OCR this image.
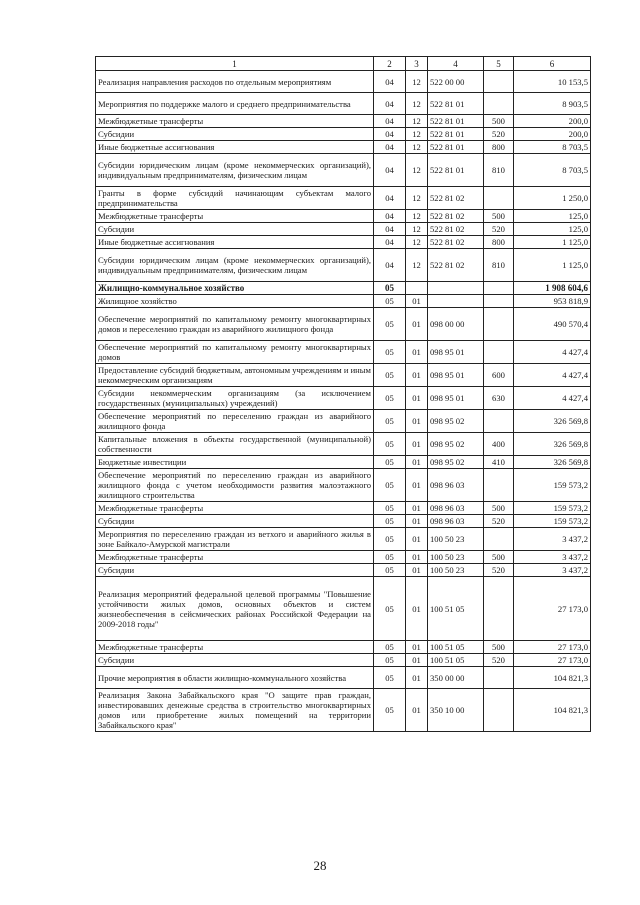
1	2	3	4	5	6
Реализация направления расходов по отдельным мероприятиям	04	12	522 00 00		10 153,5
Мероприятия по поддержке малого и среднего предпринимательства	04	12	522 81 01		8 903,5
Межбюджетные трансферты	04	12	522 81 01	500	200,0
Субсидии	04	12	522 81 01	520	200,0
Иные бюджетные ассигнования	04	12	522 81 01	800	8 703,5
Субсидии юридическим лицам (кроме некоммерческих организаций), индивидуальным предпринимателям, физическим лицам	04	12	522 81 01	810	8 703,5
Гранты в форме субсидий начинающим субъектам малого предпринимательства	04	12	522 81 02		1 250,0
Межбюджетные трансферты	04	12	522 81 02	500	125,0
Субсидии	04	12	522 81 02	520	125,0
Иные бюджетные ассигнования	04	12	522 81 02	800	1 125,0
Субсидии юридическим лицам (кроме некоммерческих организаций), индивидуальным предпринимателям, физическим лицам	04	12	522 81 02	810	1 125,0
Жилищно-коммунальное хозяйство	05				1 908 604,6
Жилищное хозяйство	05	01			953 818,9
Обеспечение мероприятий по капитальному ремонту многоквартирных домов и переселению граждан из аварийного жилищного фонда	05	01	098 00 00		490 570,4
Обеспечение мероприятий по капитальному ремонту многоквартирных домов	05	01	098 95 01		4 427,4
Предоставление субсидий бюджетным, автономным учреждениям и иным некоммерческим организациям	05	01	098 95 01	600	4 427,4
Субсидии некоммерческим организациям (за исключением государственных (муниципальных) учреждений)	05	01	098 95 01	630	4 427,4
Обеспечение мероприятий по переселению граждан из аварийного жилищного фонда	05	01	098 95 02		326 569,8
Капитальные вложения в объекты государственной (муниципальной) собственности	05	01	098 95 02	400	326 569,8
Бюджетные инвестиции	05	01	098 95 02	410	326 569,8
Обеспечение мероприятий по переселению граждан из аварийного жилищного фонда с учетом необходимости развития малоэтажного жилищного строительства	05	01	098 96 03		159 573,2
Межбюджетные трансферты	05	01	098 96 03	500	159 573,2
Субсидии	05	01	098 96 03	520	159 573,2
Мероприятия по переселению граждан из ветхого и аварийного жилья в зоне Байкало-Амурской магистрали	05	01	100 50 23		3 437,2
Межбюджетные трансферты	05	01	100 50 23	500	3 437,2
Субсидии	05	01	100 50 23	520	3 437,2
Реализация мероприятий федеральной целевой программы "Повышение устойчивости жилых домов, основных объектов и систем жизнеобеспечения в сейсмических районах Российской Федерации на 2009-2018 годы"	05	01	100 51 05		27 173,0
Межбюджетные трансферты	05	01	100 51 05	500	27 173,0
Субсидии	05	01	100 51 05	520	27 173,0
Прочие мероприятия в области жилищно-коммунального хозяйства	05	01	350 00 00		104 821,3
Реализация Закона Забайкальского края "О защите прав граждан, инвестировавших денежные средства в строительство многоквартирных домов или приобретение жилых помещений на территории Забайкальского края"	05	01	350 10 00		104 821,3
28
